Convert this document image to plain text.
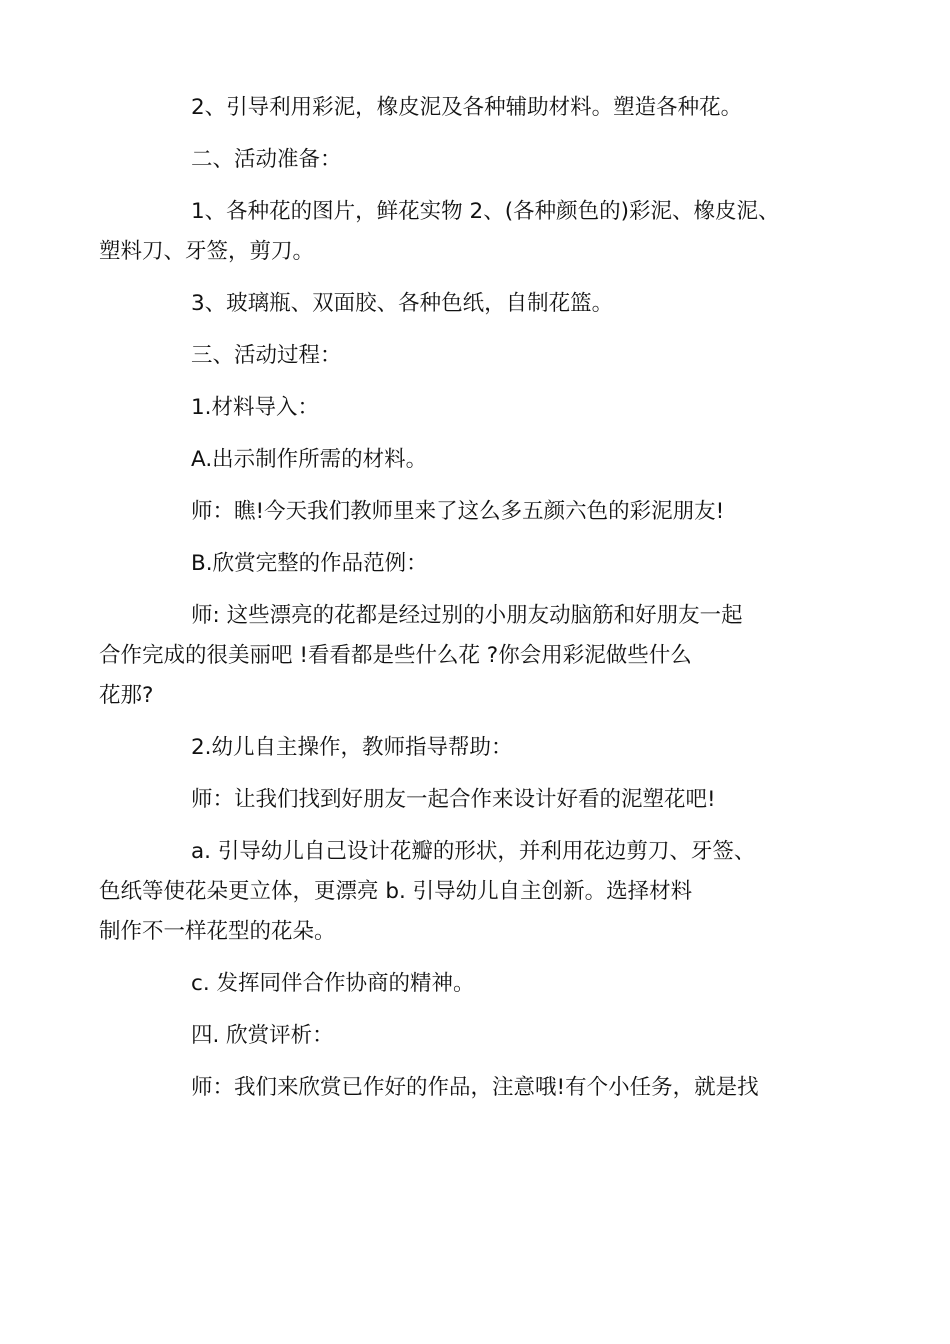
2、引导利用彩泥，橡皮泥及各种辅助材料。塑造各种花。

二、活动准备：

1、各种花的图片，鲜花实物 2、(各种颜色的)彩泥、橡皮泥、
塑料刀、牙签，剪刀。

3、玻璃瓶、双面胶、各种色纸，自制花篮。

三、活动过程：

1.材料导入：

A.出示制作所需的材料。

师：瞧!今天我们教师里来了这么多五颜六色的彩泥朋友!

B.欣赏完整的作品范例：

师: 这些漂亮的花都是经过别的小朋友动脑筋和好朋友一起
合作完成的很美丽吧 !看看都是些什么花 ?你会用彩泥做些什么
花那?

2.幼儿自主操作，教师指导帮助：

师：让我们找到好朋友一起合作来设计好看的泥塑花吧!

a. 引导幼儿自己设计花瓣的形状，并利用花边剪刀、牙签、
色纸等使花朵更立体，更漂亮 b. 引导幼儿自主创新。选择材料
制作不一样花型的花朵。

c. 发挥同伴合作协商的精神。

四. 欣赏评析：

师：我们来欣赏已作好的作品，注意哦!有个小任务，就是找
